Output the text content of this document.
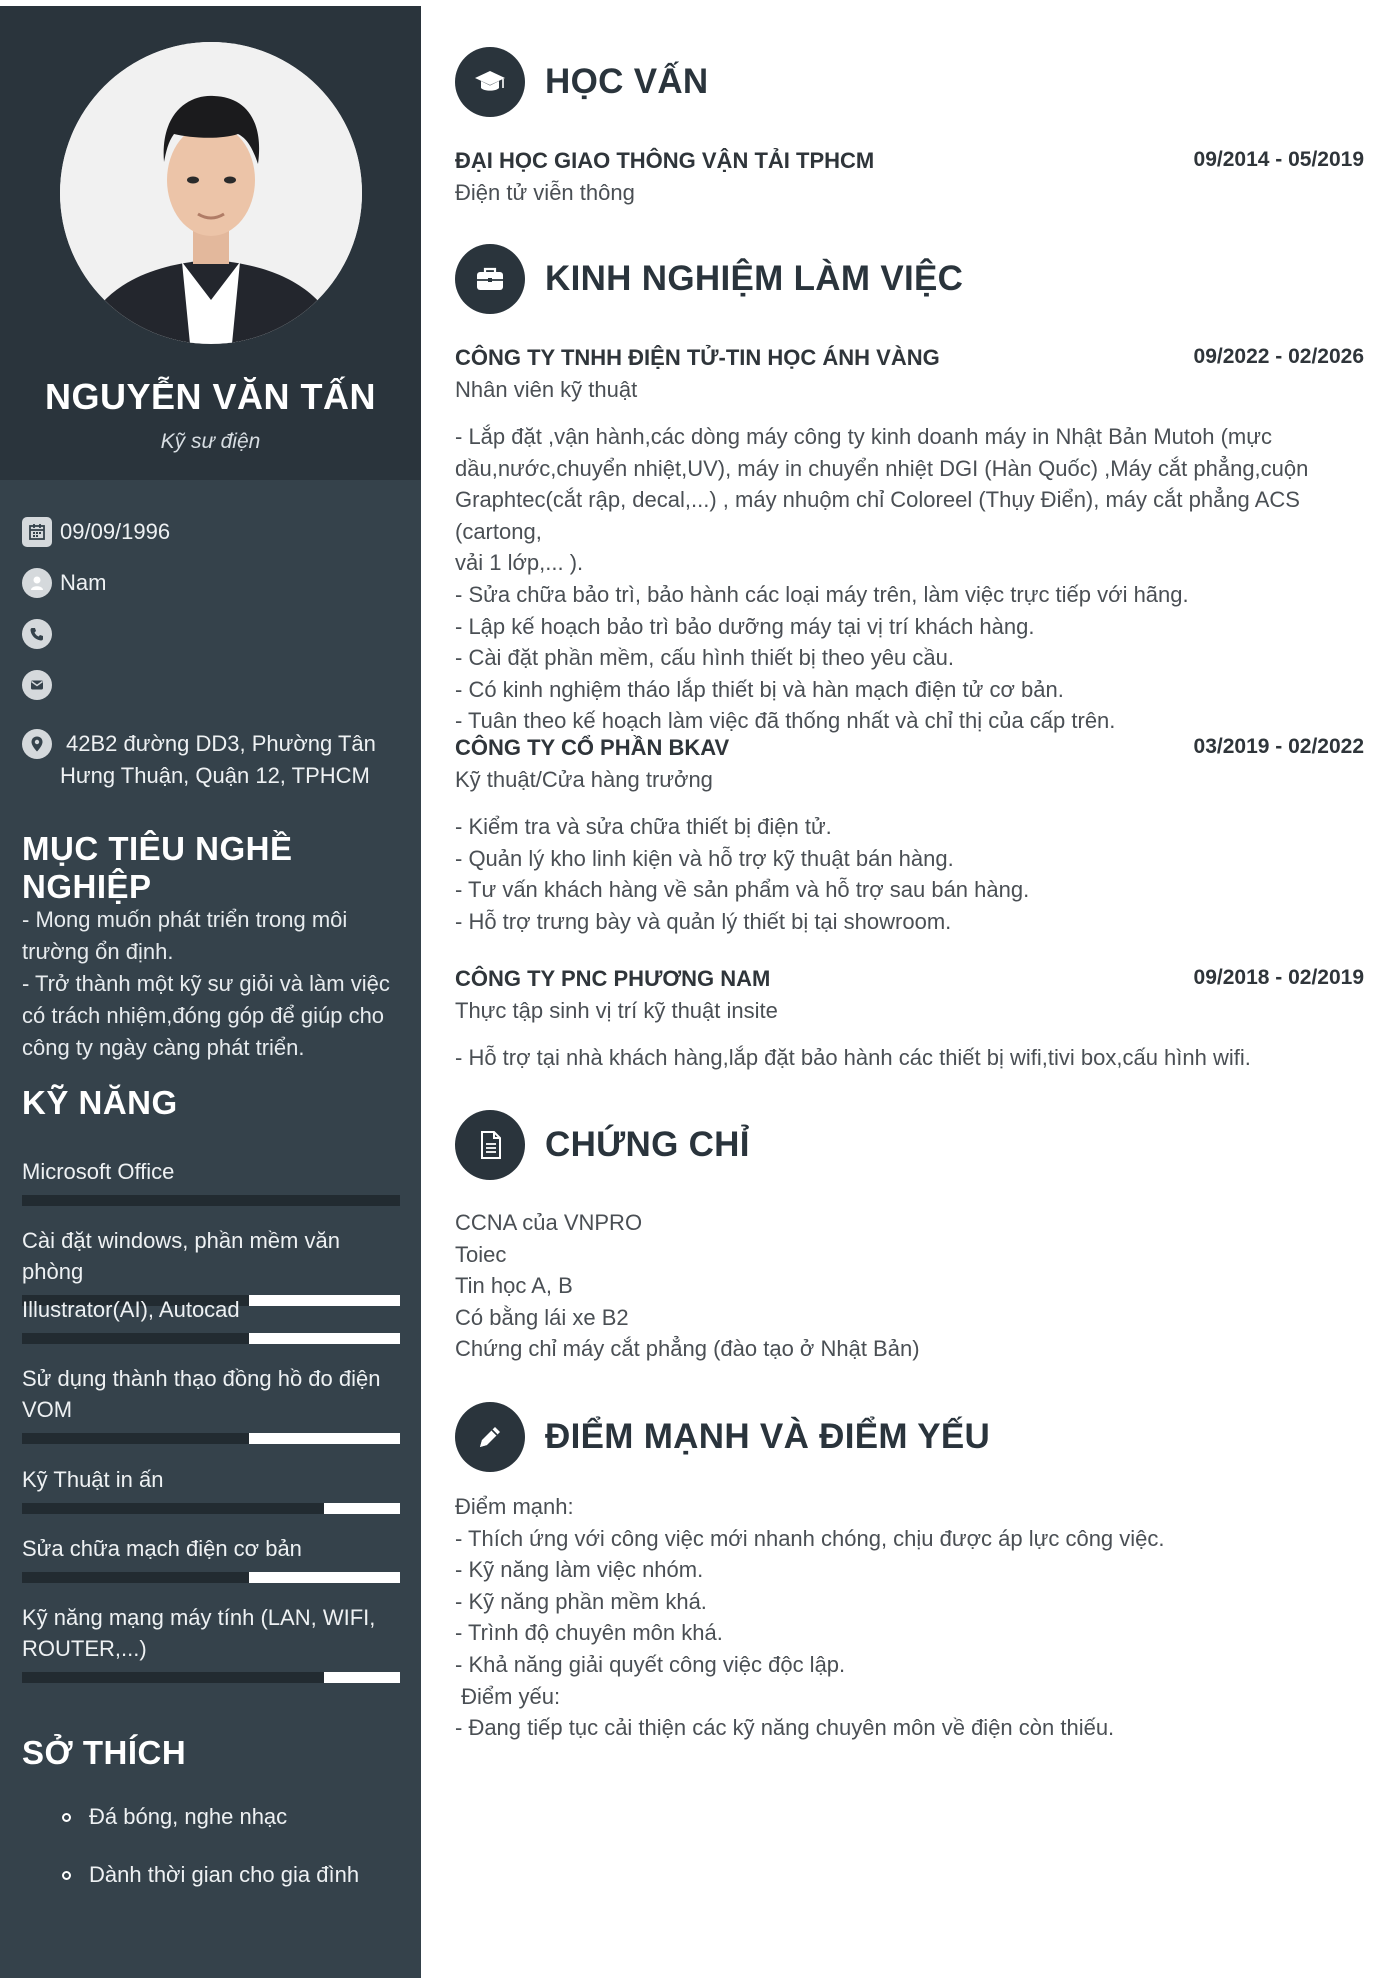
NGUYỄN VĂN TẤN
Kỹ sư điện
09/09/1996
Nam
42B2 đường DD3, Phường Tân
Hưng Thuận, Quận 12, TPHCM
MỤC TIÊU NGHỀ NGHIỆP
- Mong muốn phát triển trong môi
trường ổn định.
- Trở thành một kỹ sư giỏi và làm việc
có trách nhiệm,đóng góp để giúp cho
công ty ngày càng phát triển.
KỸ NĂNG
Microsoft Office
Cài đặt windows, phần mềm văn phòng
Illustrator(AI), Autocad
Sử dụng thành thạo đồng hồ đo điện VOM
Kỹ Thuật in ấn
Sửa chữa mạch điện cơ bản
Kỹ năng mạng máy tính (LAN, WIFI, ROUTER,...)
SỞ THÍCH
Đá bóng, nghe nhạc
Dành thời gian cho gia đình
HỌC VẤN
ĐẠI HỌC GIAO THÔNG VẬN TẢI TPHCM	09/2014 - 05/2019
Điện tử viễn thông
KINH NGHIỆM LÀM VIỆC
CÔNG TY TNHH ĐIỆN TỬ-TIN HỌC ÁNH VÀNG	09/2022 - 02/2026
Nhân viên kỹ thuật
- Lắp đặt ,vận hành,các dòng máy công ty kinh doanh máy in Nhật Bản Mutoh (mực
dầu,nước,chuyển nhiệt,UV), máy in chuyển nhiệt DGI (Hàn Quốc) ,Máy cắt phẳng,cuộn
Graphtec(cắt rập, decal,...) , máy nhuộm chỉ Coloreel (Thụy Điển), máy cắt phẳng ACS (cartong,
vải 1 lớp,... ).
- Sửa chữa bảo trì, bảo hành các loại máy trên, làm việc trực tiếp với hãng.
- Lập kế hoạch bảo trì bảo dưỡng máy tại vị trí khách hàng.
- Cài đặt phần mềm, cấu hình thiết bị theo yêu cầu.
- Có kinh nghiệm tháo lắp thiết bị và hàn mạch điện tử cơ bản.
- Tuân theo kế hoạch làm việc đã thống nhất và chỉ thị của cấp trên.
CÔNG TY CỔ PHẦN BKAV	03/2019 - 02/2022
Kỹ thuật/Cửa hàng trưởng
- Kiểm tra và sửa chữa thiết bị điện tử.
- Quản lý kho linh kiện và hỗ trợ kỹ thuật bán hàng.
- Tư vấn khách hàng về sản phẩm và hỗ trợ sau bán hàng.
- Hỗ trợ trưng bày và quản lý thiết bị tại showroom.
CÔNG TY PNC PHƯƠNG NAM	09/2018 - 02/2019
Thực tập sinh vị trí kỹ thuật insite
- Hỗ trợ tại nhà khách hàng,lắp đặt bảo hành các thiết bị wifi,tivi box,cấu hình wifi.
CHỨNG CHỈ
CCNA của VNPRO
Toiec
Tin học A, B
Có bằng lái xe B2
Chứng chỉ máy cắt phẳng (đào tạo ở Nhật Bản)
ĐIỂM MẠNH VÀ ĐIỂM YẾU
Điểm mạnh:
- Thích ứng với công việc mới nhanh chóng, chịu được áp lực công việc.
- Kỹ năng làm việc nhóm.
- Kỹ năng phần mềm khá.
- Trình độ chuyên môn khá.
- Khả năng giải quyết công việc độc lập.
Điểm yếu:
- Đang tiếp tục cải thiện các kỹ năng chuyên môn về điện còn thiếu.
